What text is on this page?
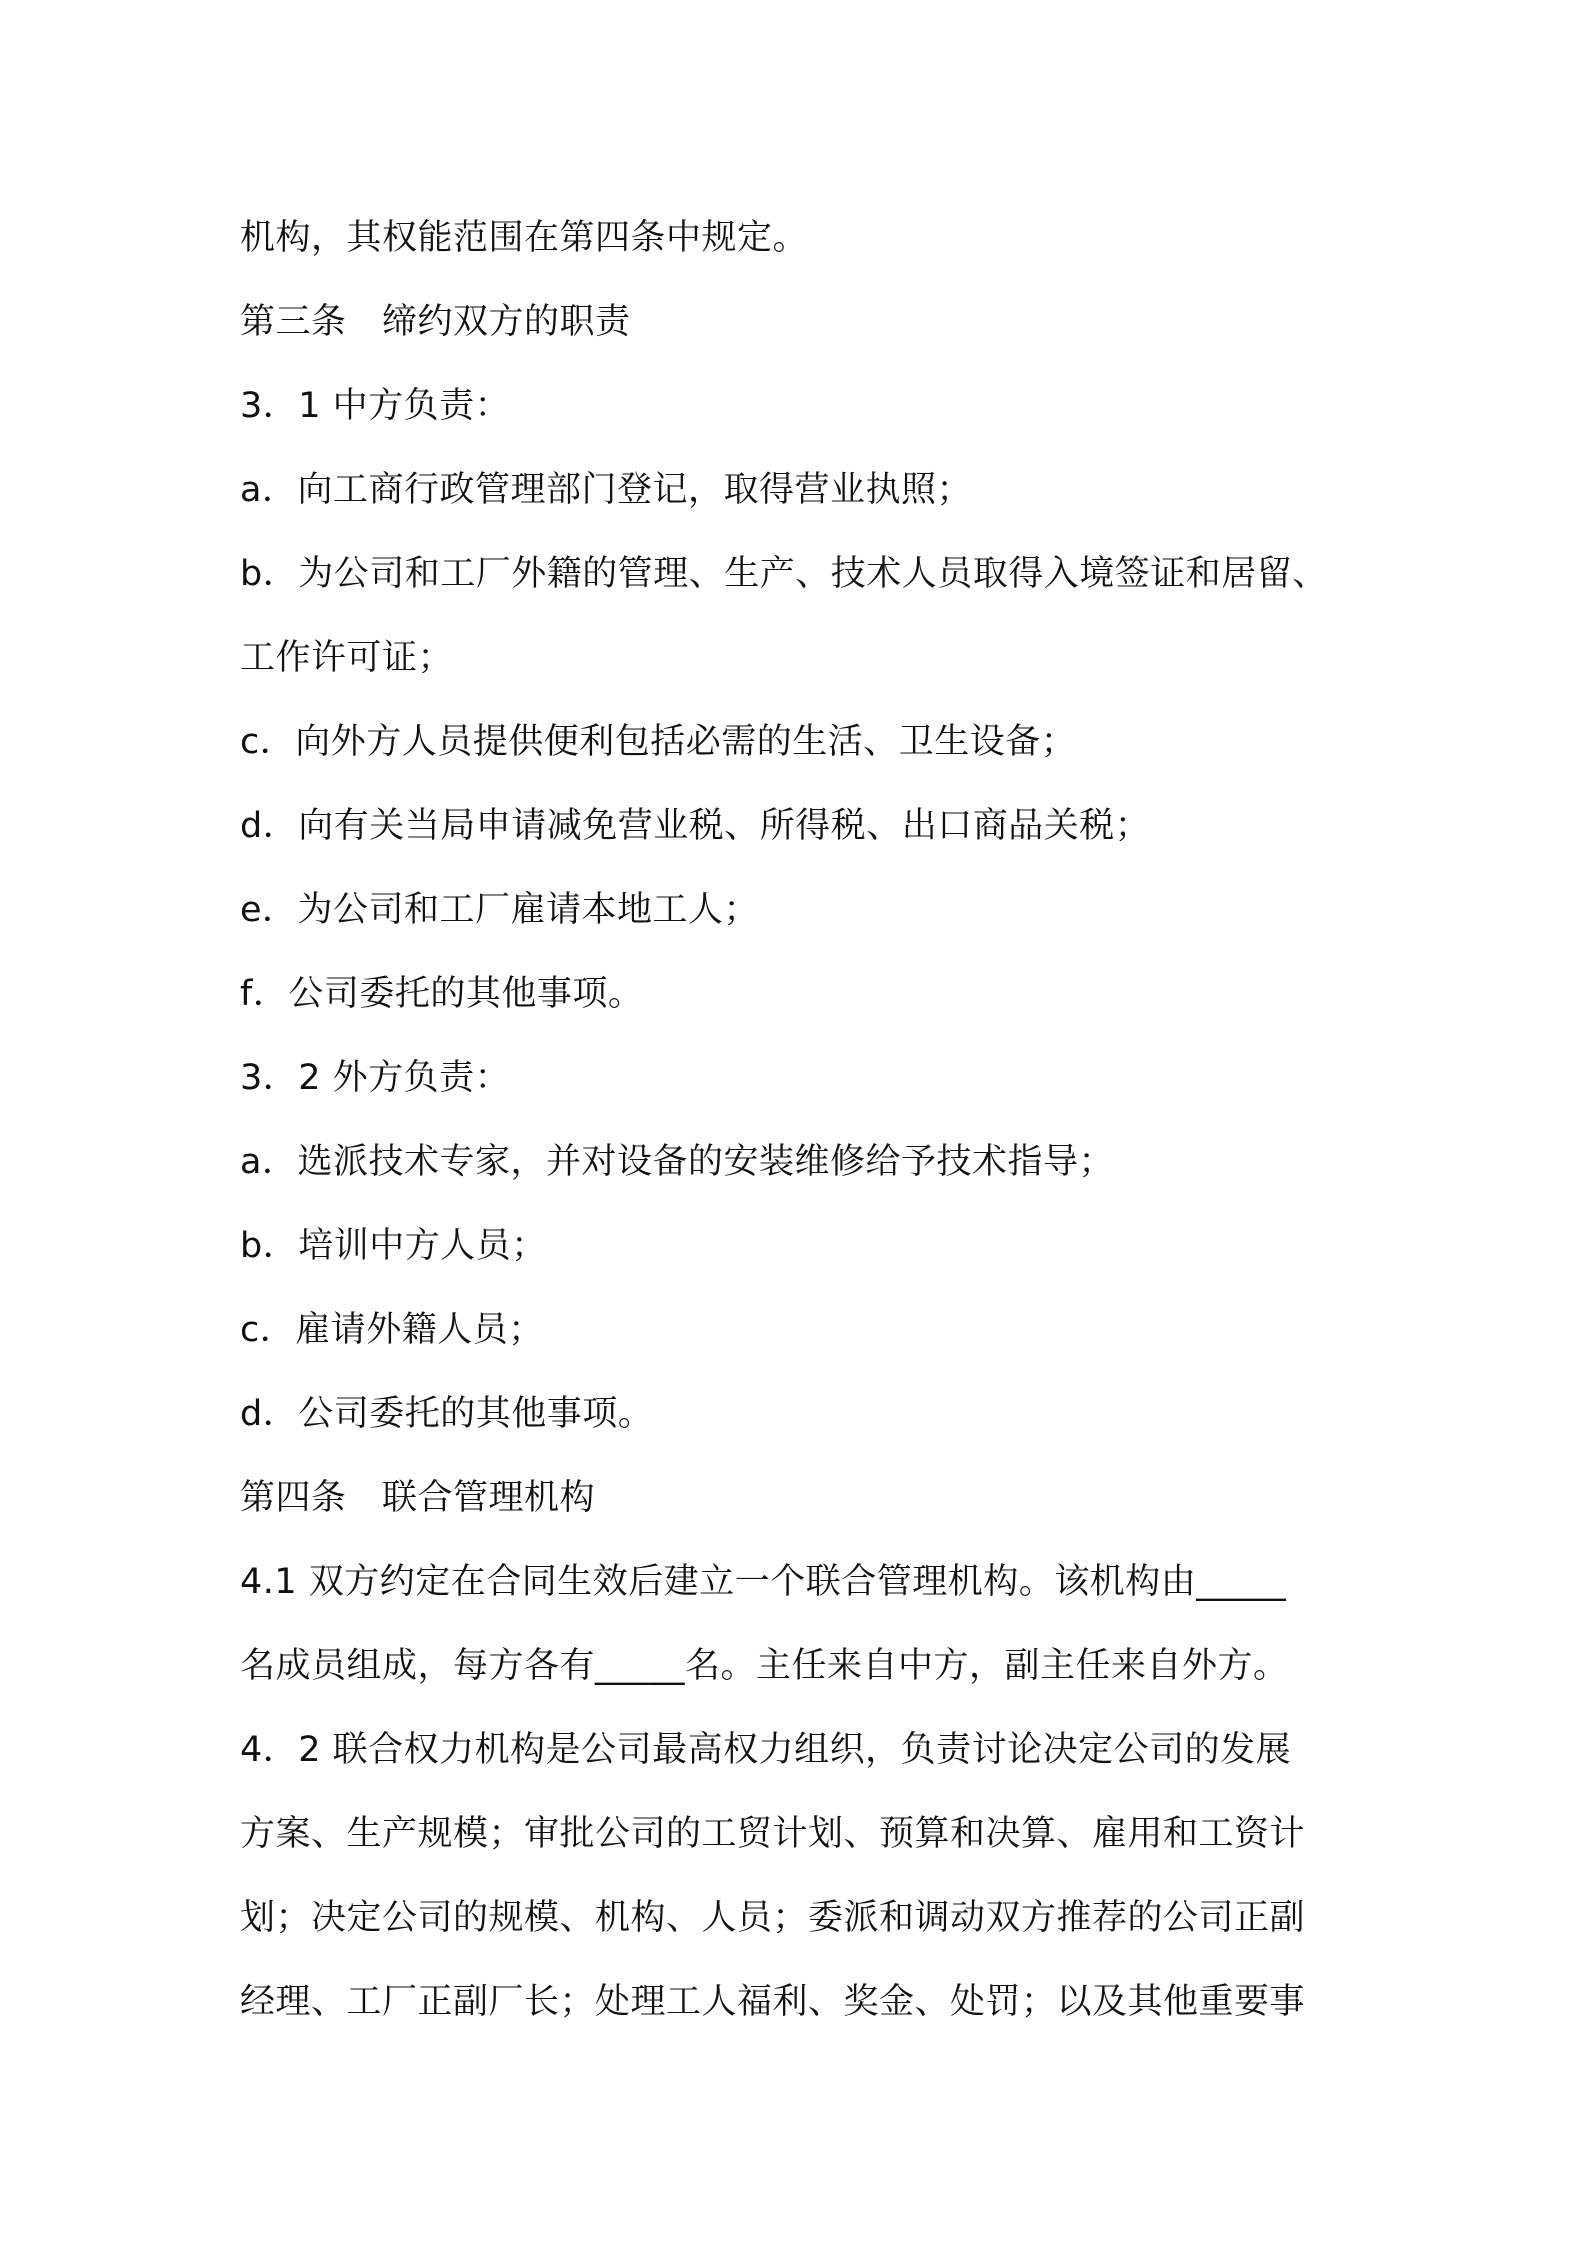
机构，其权能范围在第四条中规定。
第三条　缔约双方的职责
3．1 中方负责：
a．向工商行政管理部门登记，取得营业执照；
b．为公司和工厂外籍的管理、生产、技术人员取得入境签证和居留、
工作许可证；
c．向外方人员提供便利包括必需的生活、卫生设备；
d．向有关当局申请减免营业税、所得税、出口商品关税；
e．为公司和工厂雇请本地工人；
f．公司委托的其他事项。
3．2 外方负责：
a．选派技术专家，并对设备的安装维修给予技术指导；
b．培训中方人员；
c．雇请外籍人员；
d．公司委托的其他事项。
第四条　联合管理机构
4.1 双方约定在合同生效后建立一个联合管理机构。该机构由_____
名成员组成，每方各有_____名。主任来自中方，副主任来自外方。
4．2 联合权力机构是公司最高权力组织，负责讨论决定公司的发展
方案、生产规模；审批公司的工贸计划、预算和决算、雇用和工资计
划；决定公司的规模、机构、人员；委派和调动双方推荐的公司正副
经理、工厂正副厂长；处理工人福利、奖金、处罚；以及其他重要事
